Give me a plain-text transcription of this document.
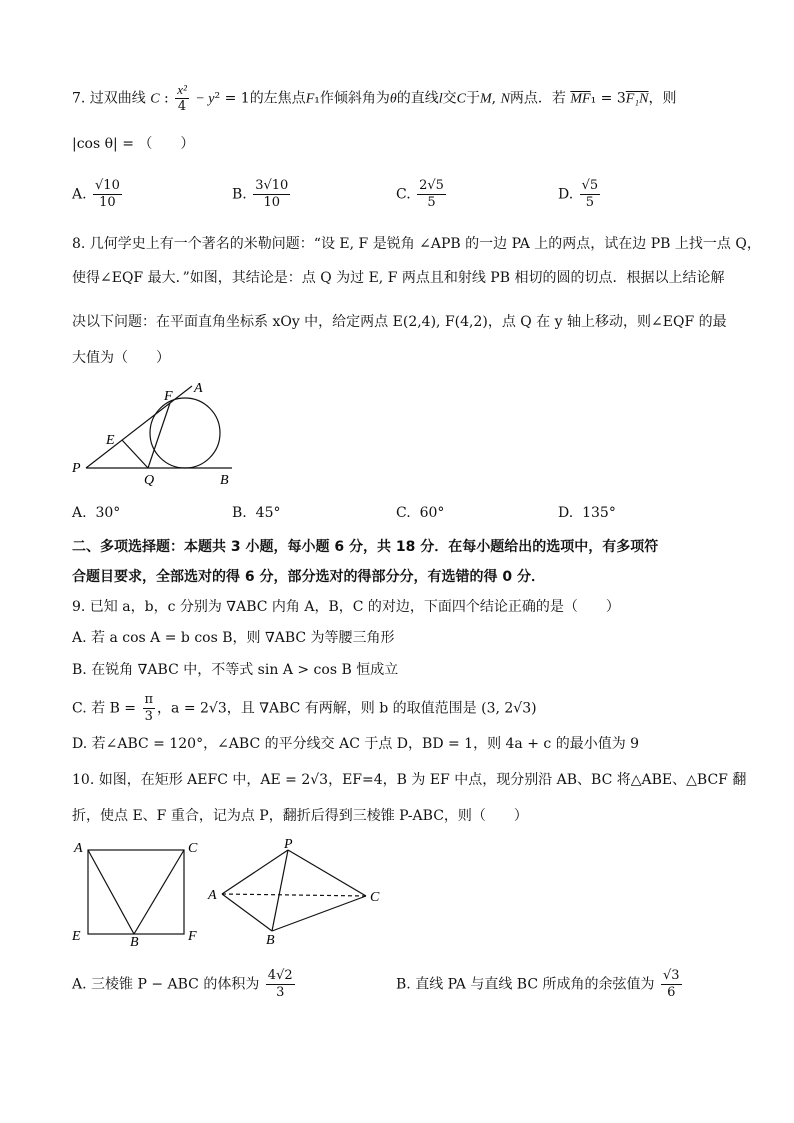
7. 过双曲线 C : $\frac{\text{x²}}{4} - y^2 = 1$的左焦点F₁作倾斜角为θ的直线l交C于M, N两点．若 $\overline{MF}_1 = 3F_1N$，则
|cos θ| = （　　）
A. $\frac{√10}{10}$	B. $\frac{3√10}{10}$	C. $\frac{2√5}{5}$	D. $\frac{√5}{5}$
8. 几何学史上有一个著名的米勒问题：“设 E, F 是锐角 ∠APB 的一边 PA 上的两点，试在边 PB 上找一点 Q，
使得∠EQF 最大．”如图，其结论是：点 Q 为过 E, F 两点且和射线 PB 相切的圆的切点．根据以上结论解
决以下问题：在平面直角坐标系 xOy 中，给定两点 E(2,4), F(4,2)，点 Q 在 y 轴上移动，则∠EQF 的最
大值为（　　）
A
F
E
P
Q	B
A. 30°	B. 45°	C. 60°	D. 135°
二、多项选择题：本题共 3 小题，每小题 6 分，共 18 分．在每小题给出的选项中，有多项符
合题目要求，全部选对的得 6 分，部分选对的得部分分，有选错的得 0 分．
9. 已知 a，b，c 分别为 ∇ABC 内角 A，B，C 的对边，下面四个结论正确的是（　　）
A. 若 a cos A = b cos B，则 ∇ABC 为等腰三角形
B. 在锐角 ∇ABC 中，不等式 sin A > cos B 恒成立
C. 若 $B = \frac{\pi}{3}$ ，a = 2√3，且 ∇ABC 有两解，则 b 的取值范围是 (3, 2√3)
D. 若∠ABC = 120°，∠ABC 的平分线交 AC 于点 D，BD = 1，则 4a + c 的最小值为 9
10. 如图，在矩形 AEFC 中，AE = 2√3，EF=4，B 为 EF 中点，现分别沿 AB、BC 将△ABE、△BCF 翻
折，使点 E、F 重合，记为点 P，翻折后得到三棱锥 P-ABC，则（　　）
A	C
E	B	F
P
A	C
B
A. 三棱锥 P − ABC 的体积为 $\frac{4√2}{3}$	B. 直线 PA 与直线 BC 所成角的余弦值为 $\frac{√3}{6}$
